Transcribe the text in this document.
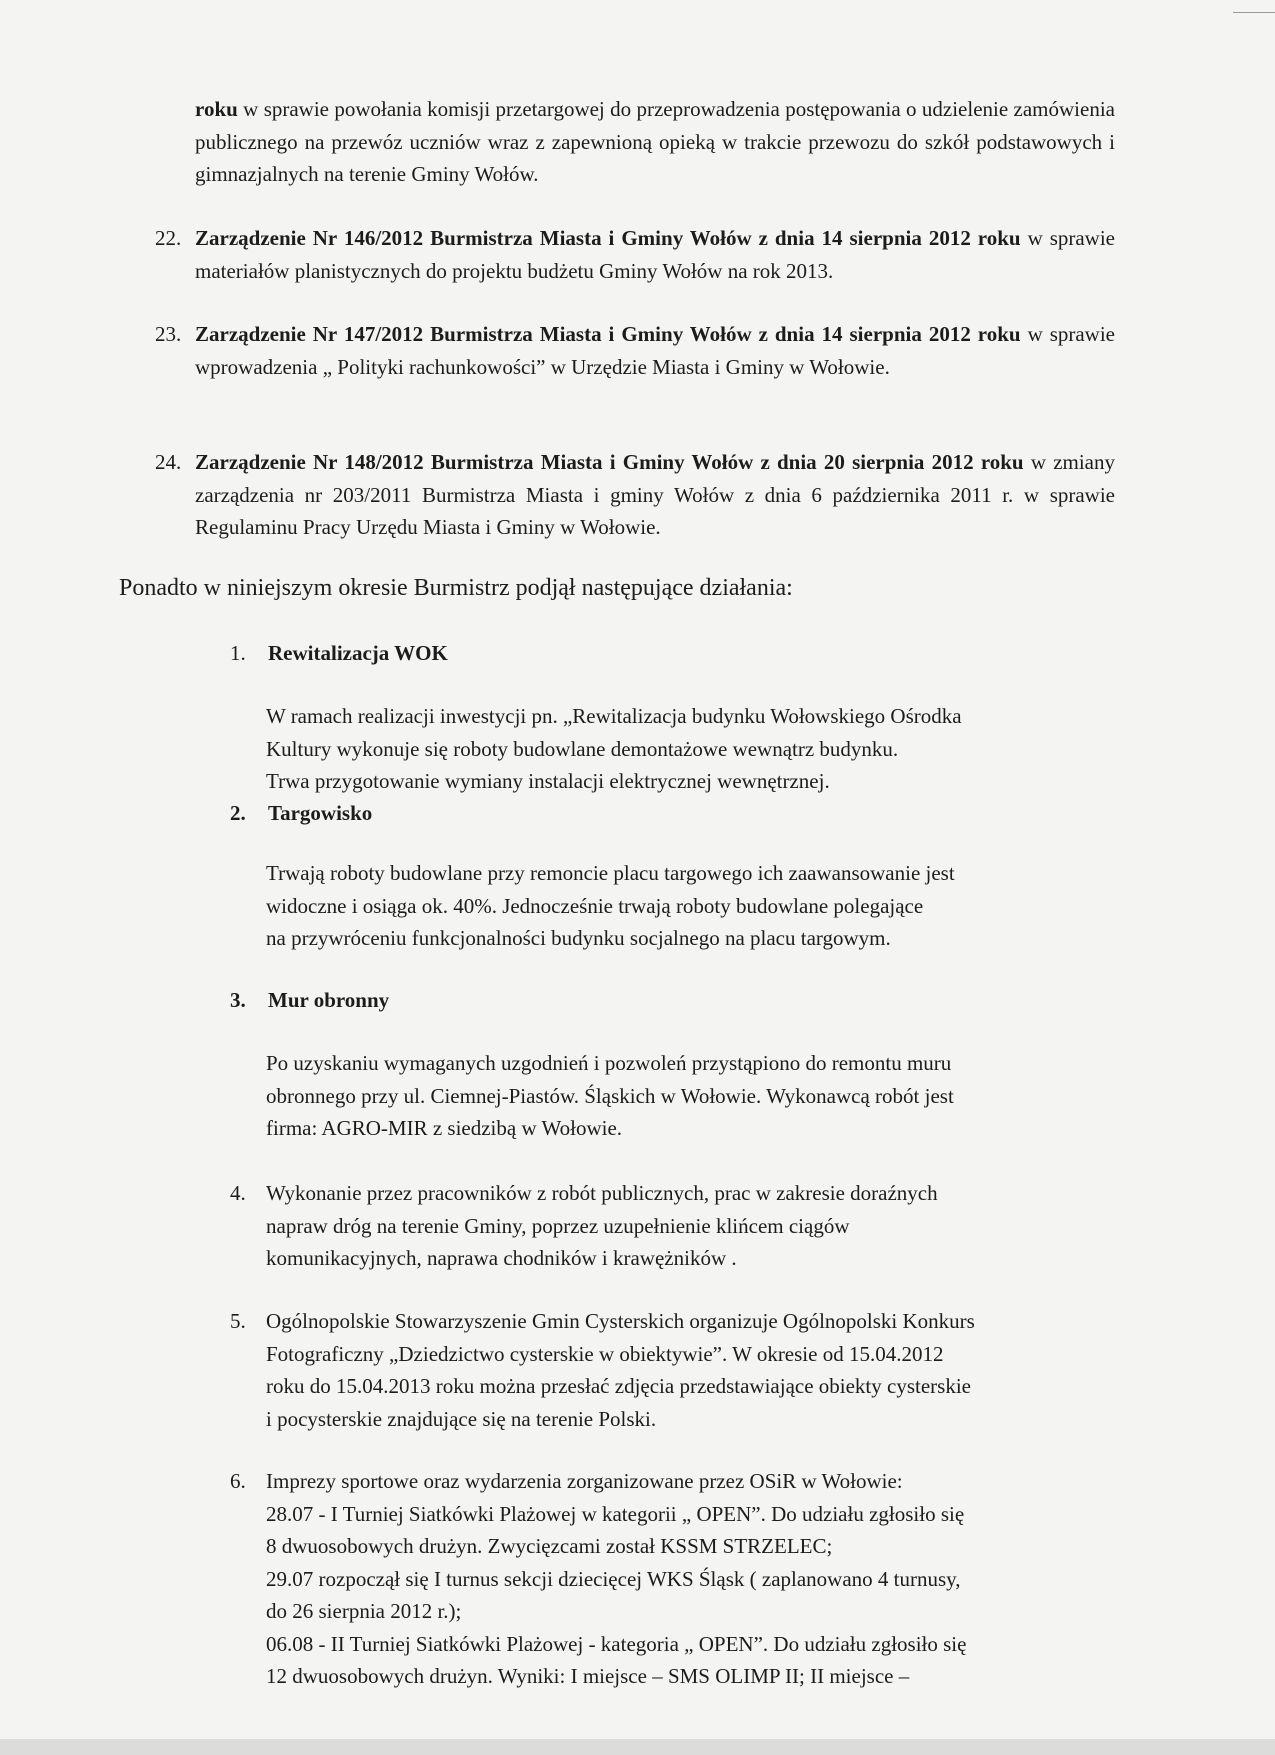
roku w sprawie powołania komisji przetargowej do przeprowadzenia postępowania o udzielenie zamówienia publicznego na przewóz uczniów wraz z zapewnioną opieką w trakcie przewozu do szkół podstawowych i gimnazjalnych na terenie Gminy Wołów.
22. Zarządzenie Nr 146/2012 Burmistrza Miasta i Gminy Wołów z dnia 14 sierpnia 2012 roku w sprawie materiałów planistycznych do projektu budżetu Gminy Wołów na rok 2013.
23. Zarządzenie Nr 147/2012 Burmistrza Miasta i Gminy Wołów z dnia 14 sierpnia 2012 roku w sprawie wprowadzenia „ Polityki rachunkowości” w Urzędzie Miasta i Gminy w Wołowie.
24. Zarządzenie Nr 148/2012 Burmistrza Miasta i Gminy Wołów z dnia 20 sierpnia 2012 roku w zmiany zarządzenia nr 203/2011 Burmistrza Miasta i gminy Wołów z dnia 6 października 2011 r. w sprawie Regulaminu Pracy Urzędu Miasta i Gminy w Wołowie.
Ponadto w niniejszym okresie Burmistrz podjął następujące działania:
1. Rewitalizacja WOK
W ramach realizacji inwestycji pn. „Rewitalizacja budynku Wołowskiego Ośrodka
Kultury wykonuje się roboty budowlane demontażowe wewnątrz budynku.
Trwa przygotowanie wymiany instalacji elektrycznej wewnętrznej.
2. Targowisko
Trwają roboty budowlane przy remoncie placu targowego ich zaawansowanie jest
widoczne i osiąga ok. 40%. Jednocześnie trwają roboty budowlane polegające
na przywróceniu funkcjonalności budynku socjalnego na placu targowym.
3. Mur obronny
Po uzyskaniu wymaganych uzgodnień i pozwoleń przystąpiono do remontu muru
obronnego przy ul. Ciemnej-Piastów. Śląskich w Wołowie. Wykonawcą robót jest
firma: AGRO-MIR z siedzibą w Wołowie.
4. Wykonanie przez pracowników z robót publicznych, prac w zakresie doraźnych
napraw dróg na terenie Gminy, poprzez uzupełnienie klińcem ciągów
komunikacyjnych, naprawa chodników i krawężników .
5. Ogólnopolskie Stowarzyszenie Gmin Cysterskich organizuje Ogólnopolski Konkurs
Fotograficzny „Dziedzictwo cysterskie w obiektywie”. W okresie od 15.04.2012
roku do 15.04.2013 roku można przesłać zdjęcia przedstawiające obiekty cysterskie
i pocysterskie znajdujące się na terenie Polski.
6. Imprezy sportowe oraz wydarzenia zorganizowane przez OSiR w Wołowie:
28.07 - I Turniej Siatkówki Plażowej w kategorii „ OPEN”. Do udziału zgłosiło się
8 dwuosobowych drużyn. Zwycięzcami został KSSM STRZELEC;
29.07 rozpoczął się I turnus sekcji dziecięcej WKS Śląsk ( zaplanowano 4 turnusy,
do 26 sierpnia 2012 r.);
06.08 - II Turniej Siatkówki Plażowej - kategoria „ OPEN”. Do udziału zgłosiło się
12 dwuosobowych drużyn. Wyniki: I miejsce – SMS OLIMP II; II miejsce –
